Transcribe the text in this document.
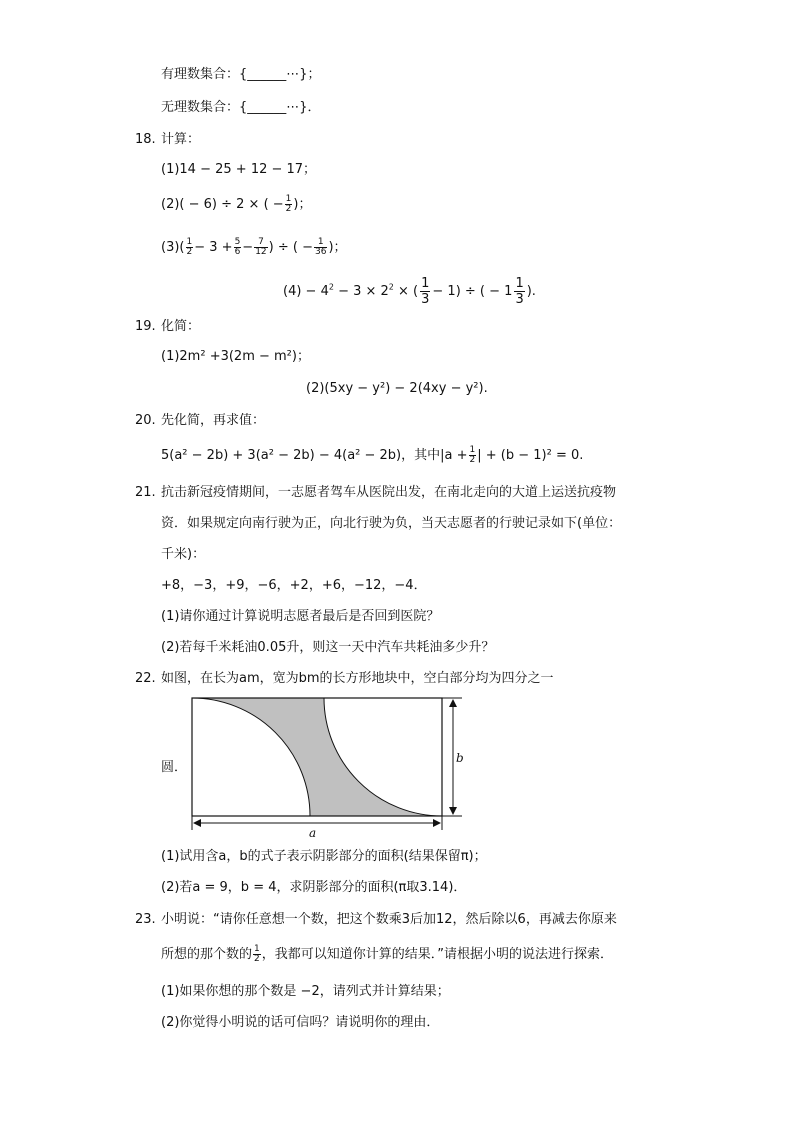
有理数集合：{______⋯}；
无理数集合：{______⋯}．
18. 计算：
(1)14 − 25 + 12 − 17；
(2)( − 6) ÷ 2 × ( − $\frac{1}{2}$ )；
$(3)( \frac{1}{2} - 3 + \frac{5}{6} - \frac{7}{12}$ ) ÷ ( − $\frac{1}{36}$ )；
$(4) - 4^2 - 3 \times 2^2$ × ( $\frac{1}{3} - 1$) ÷ ( − $1 \frac{1}{3}$ ).
19. 化简：
(1)2m² +3(2m − m²)；
(2)(5xy − y²) − 2(4xy − y²).
20. 先化简，再求值：
5(a² − 2b) + 3(a² − 2b) − 4(a² − 2b)，其中$|a + \frac{1}{2}$ | + (b − 1)² = 0.
21. 抗击新冠疫情期间，一志愿者驾车从医院出发，在南北走向的大道上运送抗疫物
资．如果规定向南行驶为正，向北行驶为负，当天志愿者的行驶记录如下(单位：
千米)：
+8，−3，+9，−6，+2，+6，−12，−4．
(1)请你通过计算说明志愿者最后是否回到医院？
(2)若每千米耗油0.05升，则这一天中汽车共耗油多少升？
22. 如图，在长为am，宽为bm的长方形地块中，空白部分均为四分之一
圆．
a
b
(1)试用含a，b的式子表示阴影部分的面积(结果保留π)；
(2)若a = 9，b = 4，求阴影部分的面积(π取3.14)．
23. 小明说：“请你任意想一个数，把这个数乘3后加12，然后除以6，再减去你原来
所想的那个数的 $\frac{1}{2}$ ，我都可以知道你计算的结果．”请根据小明的说法进行探索．
(1)如果你想的那个数是 −2，请列式并计算结果；
(2)你觉得小明说的话可信吗？请说明你的理由．
